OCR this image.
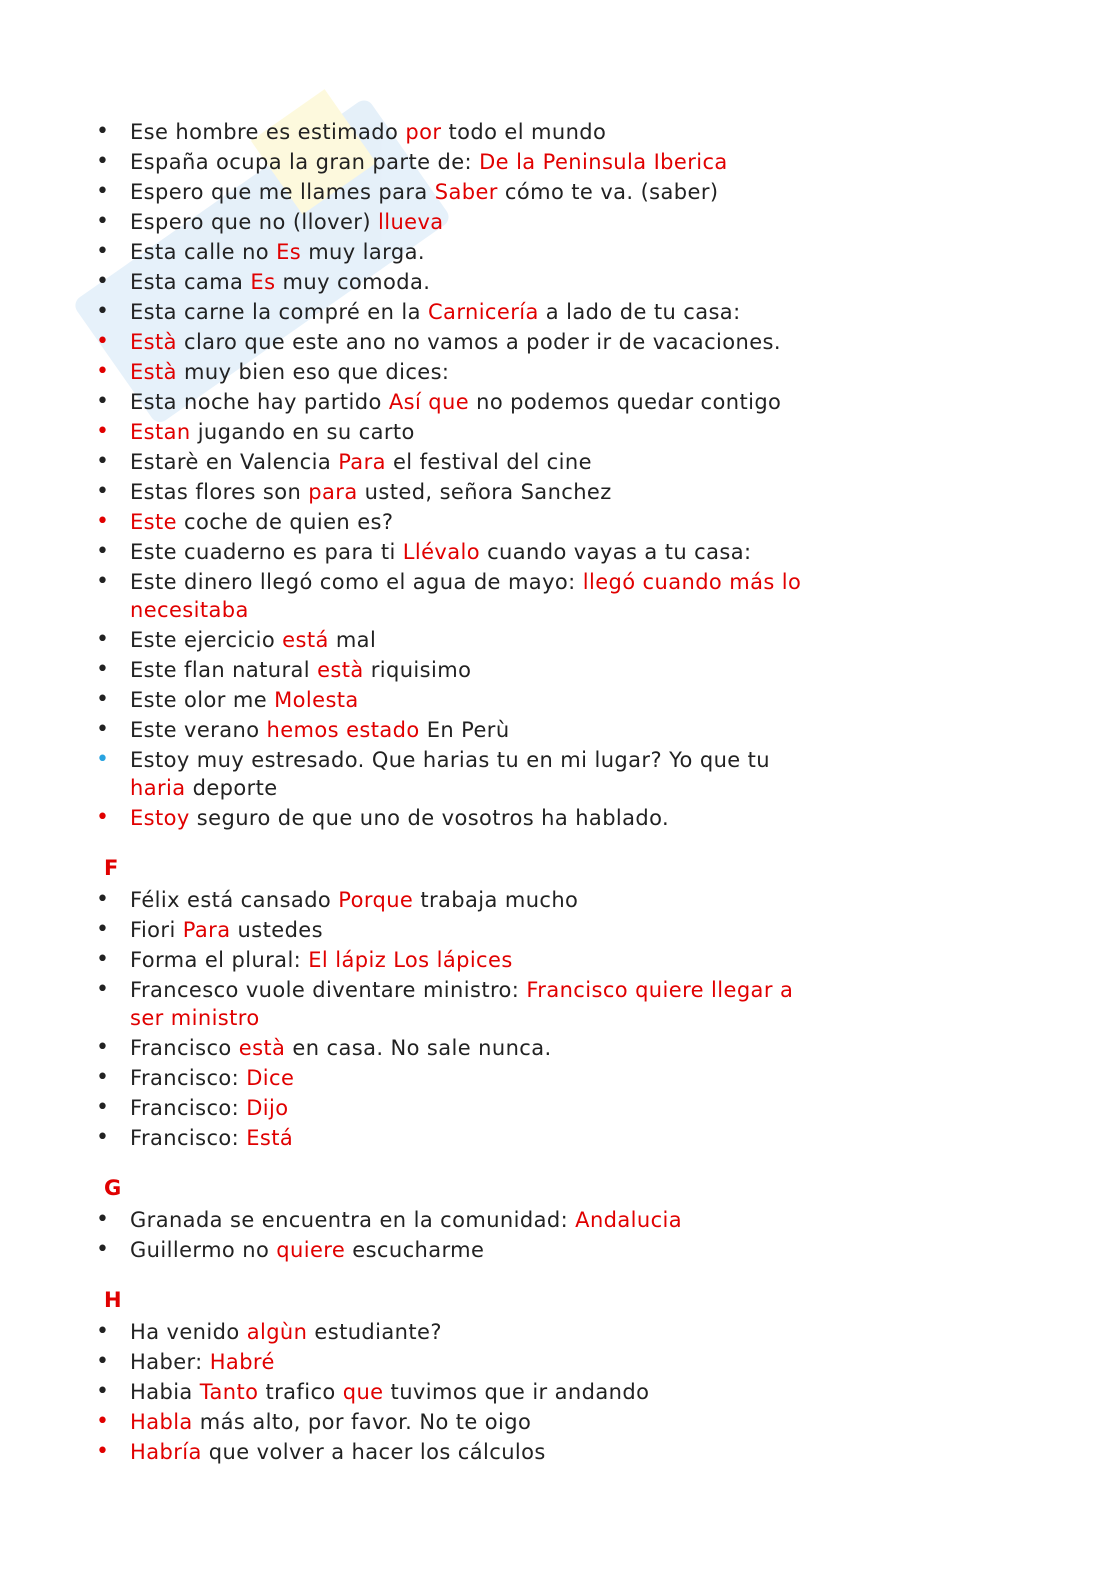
• Ese hombre es estimado por todo el mundo
• España ocupa la gran parte de: De la Peninsula Iberica
• Espero que me llames para Saber cómo te va. (saber)
• Espero que no (llover) llueva
• Esta calle no Es muy larga.
• Esta cama Es muy comoda.
• Esta carne la compré en la Carnicería a lado de tu casa:
• Està claro que este ano no vamos a poder ir de vacaciones.
• Està muy bien eso que dices:
• Esta noche hay partido Así que no podemos quedar contigo
• Estan jugando en su carto
• Estarè en Valencia Para el festival del cine
• Estas flores son para usted, señora Sanchez
• Este coche de quien es?
• Este cuaderno es para ti Llévalo cuando vayas a tu casa:
• Este dinero llegó como el agua de mayo: llegó cuando más lo necesitaba
• Este ejercicio está mal
• Este flan natural està riquisimo
• Este olor me Molesta
• Este verano hemos estado En Perù
• Estoy muy estresado. Que harias tu en mi lugar? Yo que tu haria deporte
• Estoy seguro de que uno de vosotros ha hablado.
F
• Félix está cansado Porque trabaja mucho
• Fiori Para ustedes
• Forma el plural: El lápiz Los lápices
• Francesco vuole diventare ministro: Francisco quiere llegar a ser ministro
• Francisco està en casa. No sale nunca.
• Francisco: Dice
• Francisco: Dijo
• Francisco: Está
G
• Granada se encuentra en la comunidad: Andalucia
• Guillermo no quiere escucharme
H
• Ha venido algùn estudiante?
• Haber: Habré
• Habia Tanto trafico que tuvimos que ir andando
• Habla más alto, por favor. No te oigo
• Habría que volver a hacer los cálculos
